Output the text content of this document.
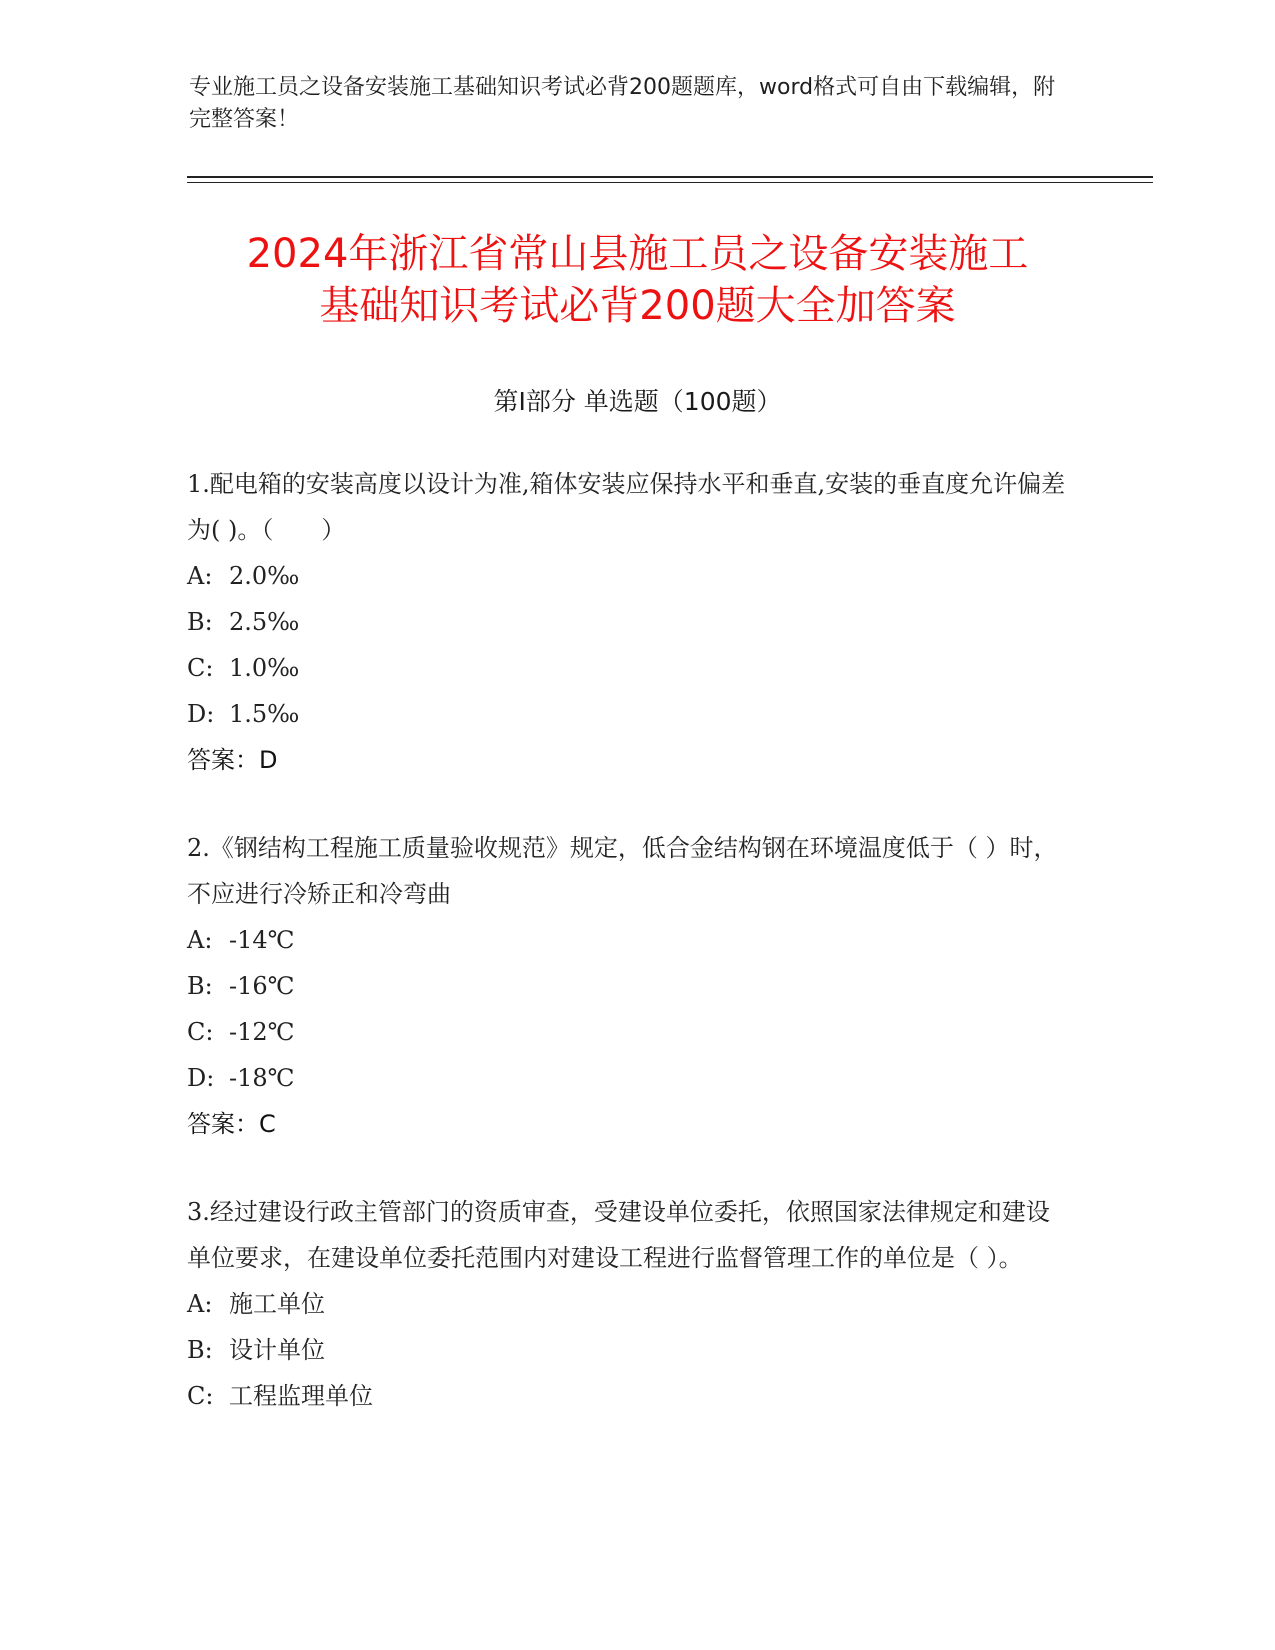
专业施工员之设备安装施工基础知识考试必背200题题库，word格式可自由下载编辑，附完整答案！
2024年浙江省常山县施工员之设备安装施工
基础知识考试必背200题大全加答案
第Ⅰ部分 单选题（100题）

1.配电箱的安装高度以设计为准,箱体安装应保持水平和垂直,安装的垂直度允许偏差为( )。（　　）

A: 2.0‰
B: 2.5‰
C: 1.0‰
D: 1.5‰
答案：D

2.《钢结构工程施工质量验收规范》规定，低合金结构钢在环境温度低于（ ）时，不应进行冷矫正和冷弯曲

A: -14℃
B: -16℃
C: -12℃
D: -18℃
答案：C

3.经过建设行政主管部门的资质审查，受建设单位委托，依照国家法律规定和建设单位要求，在建设单位委托范围内对建设工程进行监督管理工作的单位是（ ）。

A: 施工单位
B: 设计单位
C: 工程监理单位
